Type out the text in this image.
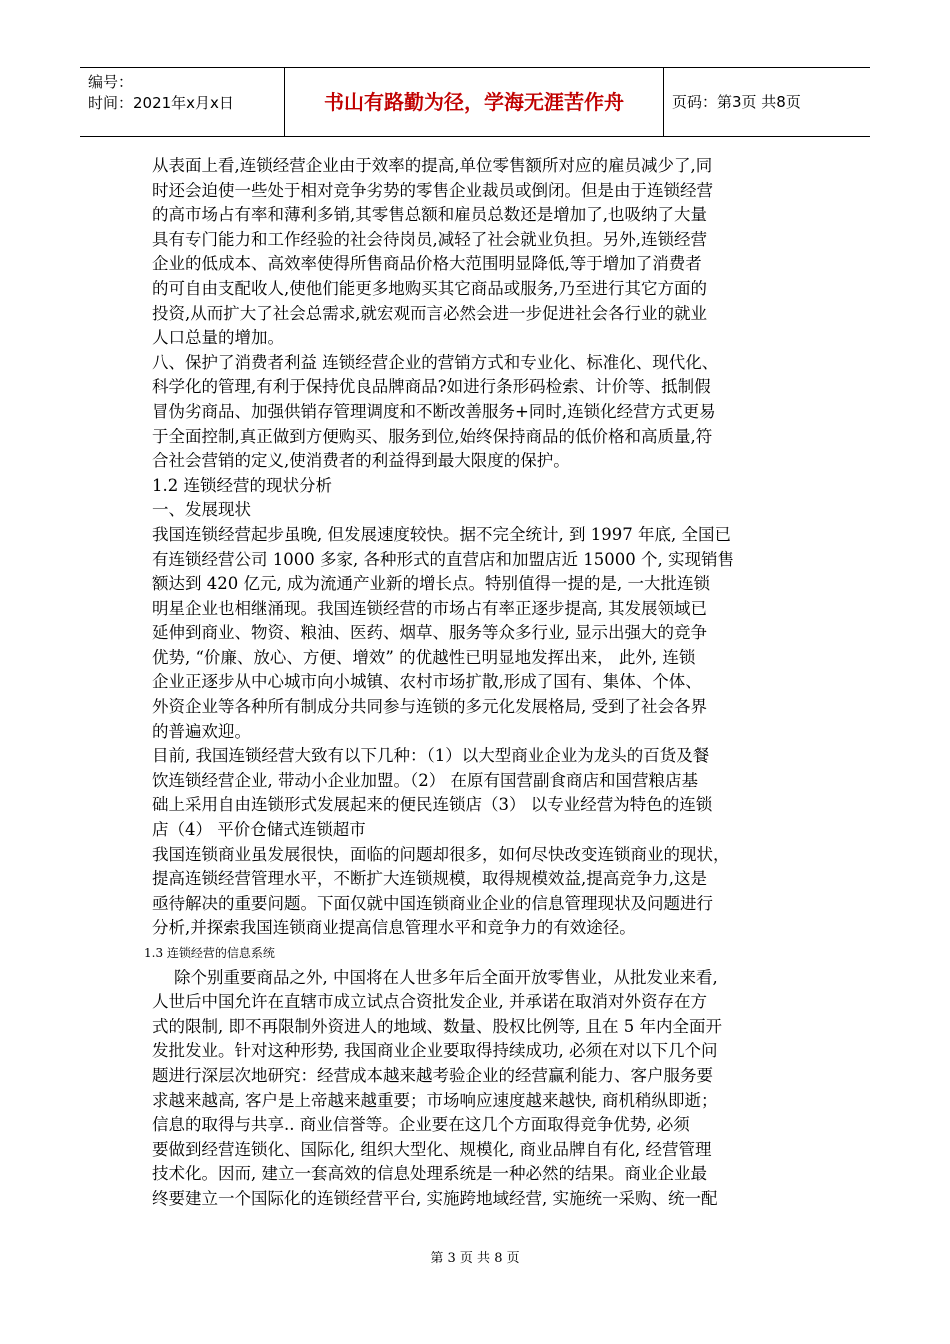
编号：
时间：2021年x月x日	书山有路勤为径，学海无涯苦作舟	页码：第3页 共8页

从表面上看,连锁经营企业由于效率的提高,单位零售额所对应的雇员减少了,同

时还会迫使一些处于相对竞争劣势的零售企业裁员或倒闭。但是由于连锁经营

的高市场占有率和薄利多销,其零售总额和雇员总数还是增加了,也吸纳了大量

具有专门能力和工作经验的社会待岗员,减轻了社会就业负担。另外,连锁经营

企业的低成本、高效率使得所售商品价格大范围明显降低,等于增加了消费者

的可自由支配收人,使他们能更多地购买其它商品或服务,乃至进行其它方面的

投资,从而扩大了社会总需求,就宏观而言必然会进一步促进社会各行业的就业

人口总量的增加。

八、保护了消费者利益 连锁经营企业的营销方式和专业化、标准化、现代化、

科学化的管理,有利于保持优良品牌商品?如进行条形码检索、计价等、抵制假

冒伪劣商品、加强供销存管理调度和不断改善服务+同时,连锁化经营方式更易

于全面控制,真正做到方便购买、服务到位,始终保持商品的低价格和高质量,符

合社会营销的定义,使消费者的利益得到最大限度的保护。

1.2 连锁经营的现状分析

一、发展现状

我国连锁经营起步虽晚, 但发展速度较快。据不完全统计, 到 1997 年底, 全国已

有连锁经营公司 1000 多家, 各种形式的直营店和加盟店近 15000 个, 实现销售

额达到 420 亿元, 成为流通产业新的增长点。特别值得一提的是, 一大批连锁

明星企业也相继涌现。我国连锁经营的市场占有率正逐步提高, 其发展领域已

延伸到商业、物资、粮油、医药、烟草、服务等众多行业, 显示出强大的竞争

优势, “价廉、放心、方便、增效” 的优越性已明显地发挥出来， 此外, 连锁

企业正逐步从中心城市向小城镇、农村市场扩散,形成了国有、集体、个体、

外资企业等各种所有制成分共同参与连锁的多元化发展格局, 受到了社会各界

的普遍欢迎。

目前, 我国连锁经营大致有以下几种：（1）以大型商业企业为龙头的百货及餐

饮连锁经营企业, 带动小企业加盟。（2） 在原有国营副食商店和国营粮店基

础上采用自由连锁形式发展起来的便民连锁店（3） 以专业经营为特色的连锁

店（4） 平价仓储式连锁超市

我国连锁商业虽发展很快，面临的问题却很多，如何尽快改变连锁商业的现状，

提高连锁经营管理水平，不断扩大连锁规模，取得规模效益,提高竞争力,这是

亟待解决的重要问题。下面仅就中国连锁商业企业的信息管理现状及问题进行

分析,并探索我国连锁商业提高信息管理水平和竞争力的有效途径。

1.3 连锁经营的信息系统

除个别重要商品之外, 中国将在人世多年后全面开放零售业，从批发业来看,

人世后中国允许在直辖市成立试点合资批发企业, 并承诺在取消对外资存在方

式的限制, 即不再限制外资进人的地域、数量、股权比例等, 且在 5 年内全面开

发批发业。针对这种形势, 我国商业企业要取得持续成功, 必须在对以下几个问

题进行深层次地研究：经营成本越来越考验企业的经营赢利能力、客户服务要

求越来越高, 客户是上帝越来越重要；市场响应速度越来越快, 商机稍纵即逝；

信息的取得与共享.. 商业信誉等。企业要在这几个方面取得竞争优势, 必须

要做到经营连锁化、国际化, 组织大型化、规模化, 商业品牌自有化, 经营管理

技术化。因而, 建立一套高效的信息处理系统是一种必然的结果。商业企业最

终要建立一个国际化的连锁经营平台, 实施跨地域经营, 实施统一采购、统一配

第 3 页 共 8 页
